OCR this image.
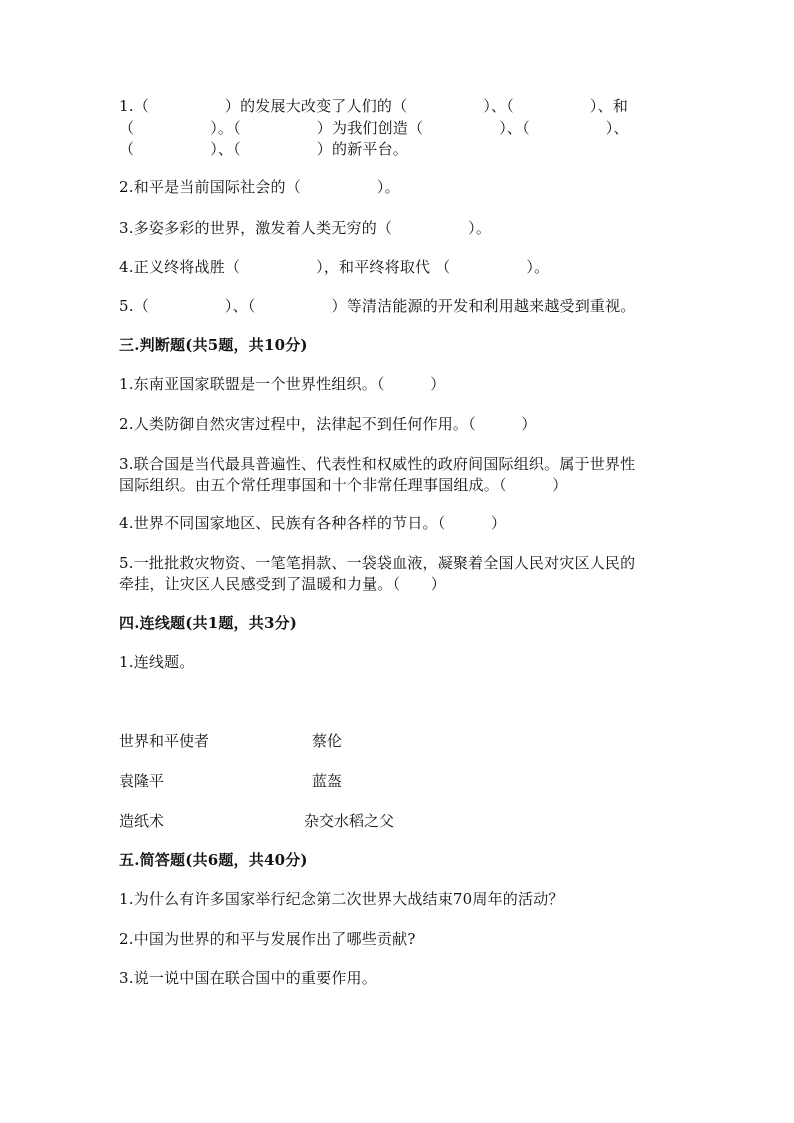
1.（　　　　　）的发展大改变了人们的（　　　　　）、（　　　　　）、和
（　　　　　）。（　　　　　）为我们创造（　　　　　）、（　　　　　）、
（　　　　　）、（　　　　　）的新平台。
2.和平是当前国际社会的（　　　　　）。
3.多姿多彩的世界，激发着人类无穷的（　　　　　）。
4.正义终将战胜（　　　　　），和平终将取代 （　　　　　）。
5.（　　　　　）、（　　　　　）等清洁能源的开发和利用越来越受到重视。
三.判断题(共5题，共10分)
1.东南亚国家联盟是一个世界性组织。（　　　）
2.人类防御自然灾害过程中，法律起不到任何作用。（　　　）
3.联合国是当代最具普遍性、代表性和权威性的政府间国际组织。属于世界性
国际组织。由五个常任理事国和十个非常任理事国组成。（　　　）
4.世界不同国家地区、民族有各种各样的节日。（　　　）
5.一批批救灾物资、一笔笔捐款、一袋袋血液，凝聚着全国人民对灾区人民的
牵挂，让灾区人民感受到了温暖和力量。（　　）
四.连线题(共1题，共3分)
1.连线题。
世界和平使者	蔡伦
袁隆平	蓝盔
造纸术	杂交水稻之父
五.简答题(共6题，共40分)
1.为什么有许多国家举行纪念第二次世界大战结束70周年的活动？
2.中国为世界的和平与发展作出了哪些贡献?
3.说一说中国在联合国中的重要作用。
